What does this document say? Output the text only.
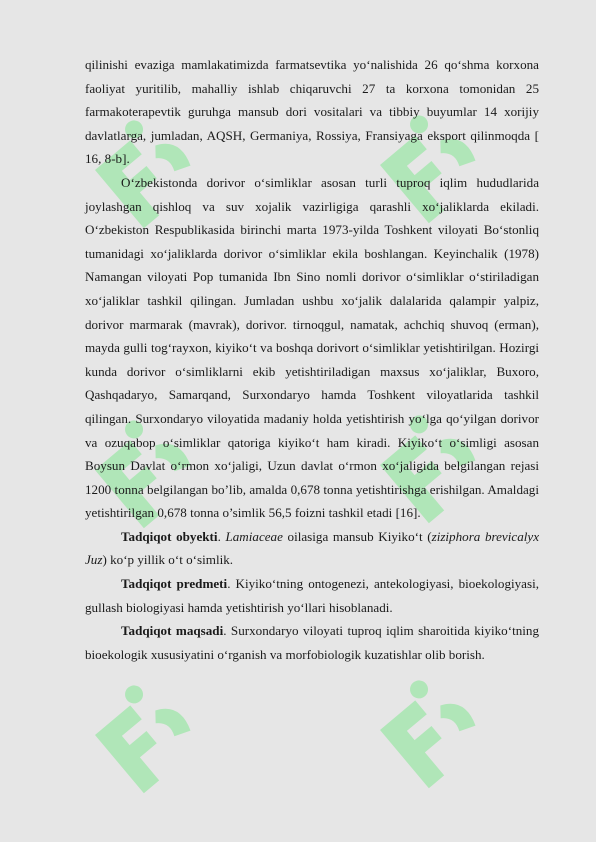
qilinishi evaziga mamlakatimizda farmatsevtika yo‘nalishida 26 qo‘shma korxona faoliyat yuritilib, mahalliy ishlab chiqaruvchi 27 ta korxona tomonidan 25 farmakoterapevtik guruhga mansub dori vositalari va tibbiy buyumlar 14 xorijiy davlatlarga, jumladan, AQSH, Germaniya, Rossiya, Fransiyaga eksport qilinmoqda [ 16, 8-b].

O‘zbekistonda dorivor o‘simliklar asosan turli tuproq iqlim hududlarida joylashgan qishloq va suv xojalik vazirligiga qarashli xo‘jaliklarda ekiladi. O‘zbekiston Respublikasida birinchi marta 1973-yilda Toshkent viloyati Bo‘stonliq tumanidagi xo‘jaliklarda dorivor o‘simliklar ekila boshlangan. Keyinchalik (1978) Namangan viloyati Pop tumanida Ibn Sino nomli dorivor o‘simliklar o‘stiriladigan xo‘jaliklar tashkil qilingan. Jumladan ushbu xo‘jalik dalalarida qalampir yalpiz, dorivor marmarak (mavrak), dorivor. tirnoqgul, namatak, achchiq shuvoq (erman), mayda gulli tog‘rayxon, kiyiko‘t va boshqa dorivort o‘simliklar yetishtirilgan. Hozirgi kunda dorivor o‘simliklarni ekib yetishtiriladigan maxsus xo‘jaliklar, Buxoro, Qashqadaryo, Samarqand, Surxondaryo hamda Toshkent viloyatlarida tashkil qilingan. Surxondaryo viloyatida madaniy holda yetishtirish yo‘lga qo‘yilgan dorivor va ozuqabop o‘simliklar qatoriga kiyiko‘t ham kiradi. Kiyiko‘t o‘simligi asosan Boysun Davlat o‘rmon xo‘jaligi, Uzun davlat o‘rmon xo‘jaligida belgilangan rejasi 1200 tonna belgilangan bo’lib, amalda 0,678 tonna yetishtirishga erishilgan. Amaldagi yetishtirilgan 0,678 tonna o’simlik 56,5 foizni tashkil etadi [16].

Tadqiqot obyekti. Lamiaceae oilasiga mansub Kiyiko‘t (ziziphora brevicalyx Juz) ko‘p yillik o‘t o‘simlik.

Tadqiqot predmeti. Kiyiko‘tning ontogenezi, antekologiyasi, bioekologiyasi, gullash biologiyasi hamda yetishtirish yo‘llari hisoblanadi.

Tadqiqot maqsadi. Surxondaryo viloyati tuproq iqlim sharoitida kiyiko‘tning bioekologik xususiyatini o‘rganish va morfobiologik kuzatishlar olib borish.
